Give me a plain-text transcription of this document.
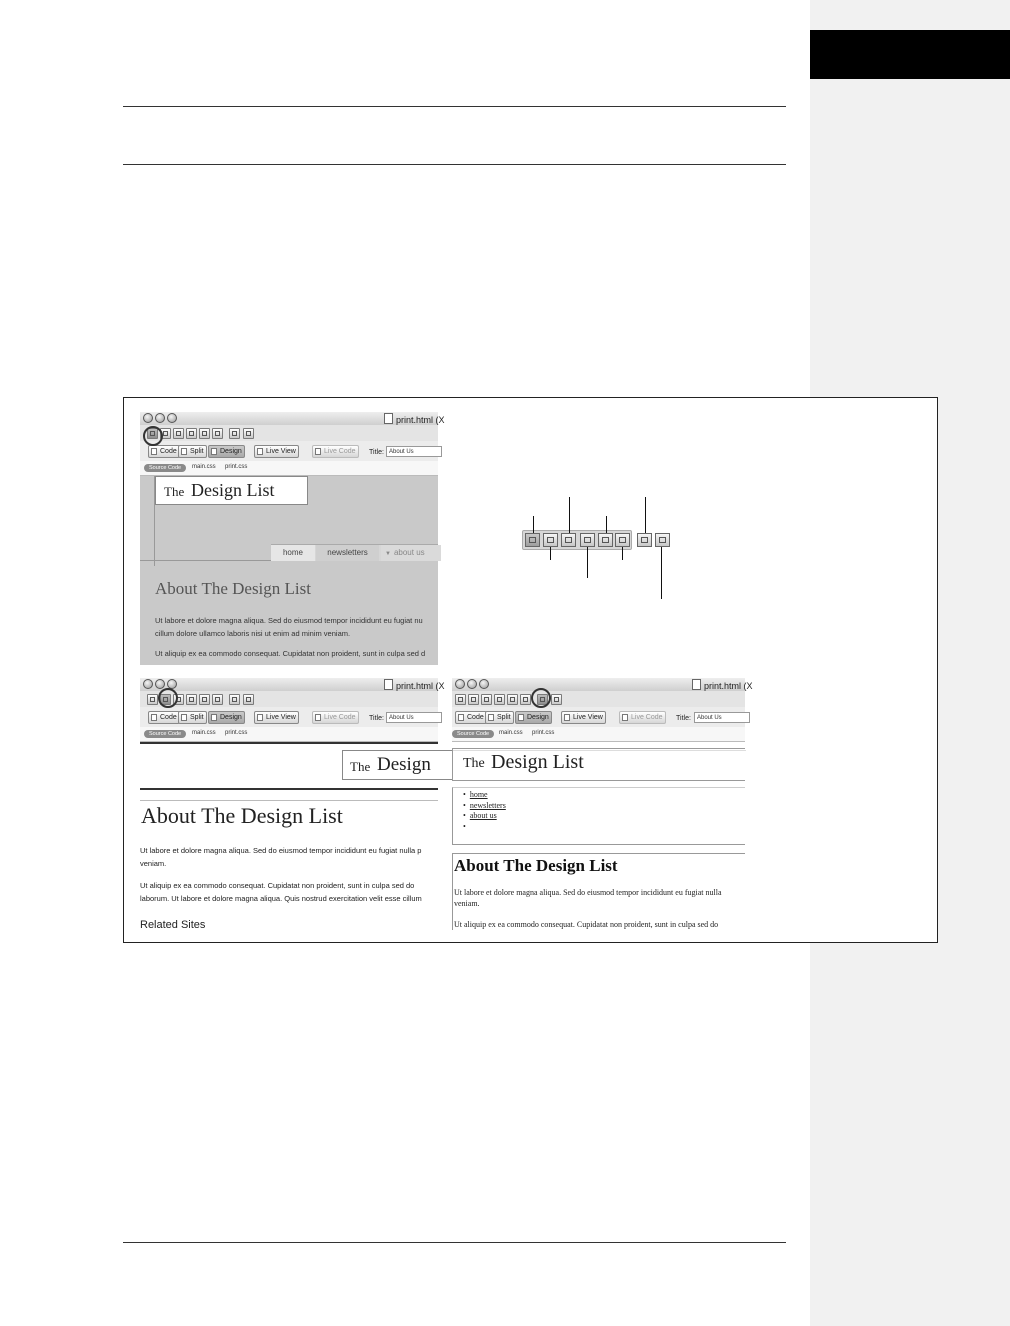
print.html (X
Code	Split	Design	Live View	Live Code	Title: About Us
Source Code	main.css print.css
The Design List
home	newsletters	▼ about us
About The Design List
Ut labore et dolore magna aliqua. Sed do eiusmod tempor incididunt eu fugiat nu
cillum dolore ullamco laboris nisi ut enim ad minim veniam.
Ut aliquip ex ea commodo consequat. Cupidatat non proident, sunt in culpa sed d
print.html (X
Code	Split	Design	Live View	Live Code	Title: About Us
Source Code	main.css print.css
The Design
About The Design List
Ut labore et dolore magna aliqua. Sed do eiusmod tempor incididunt eu fugiat nulla p
veniam.
Ut aliquip ex ea commodo consequat. Cupidatat non proident, sunt in culpa sed do
laborum. Ut labore et dolore magna aliqua. Quis nostrud exercitation velit esse cillum
Related Sites
print.html (X
Code	Split	Design	Live View	Live Code	Title:	About Us
Source Code	main.css print.css
The Design List
•  home
•  newsletters
•  about us
•
About The Design List
Ut labore et dolore magna aliqua. Sed do eiusmod tempor incididunt eu fugiat nulla
veniam.
Ut aliquip ex ea commodo consequat. Cupidatat non proident, sunt in culpa sed do
